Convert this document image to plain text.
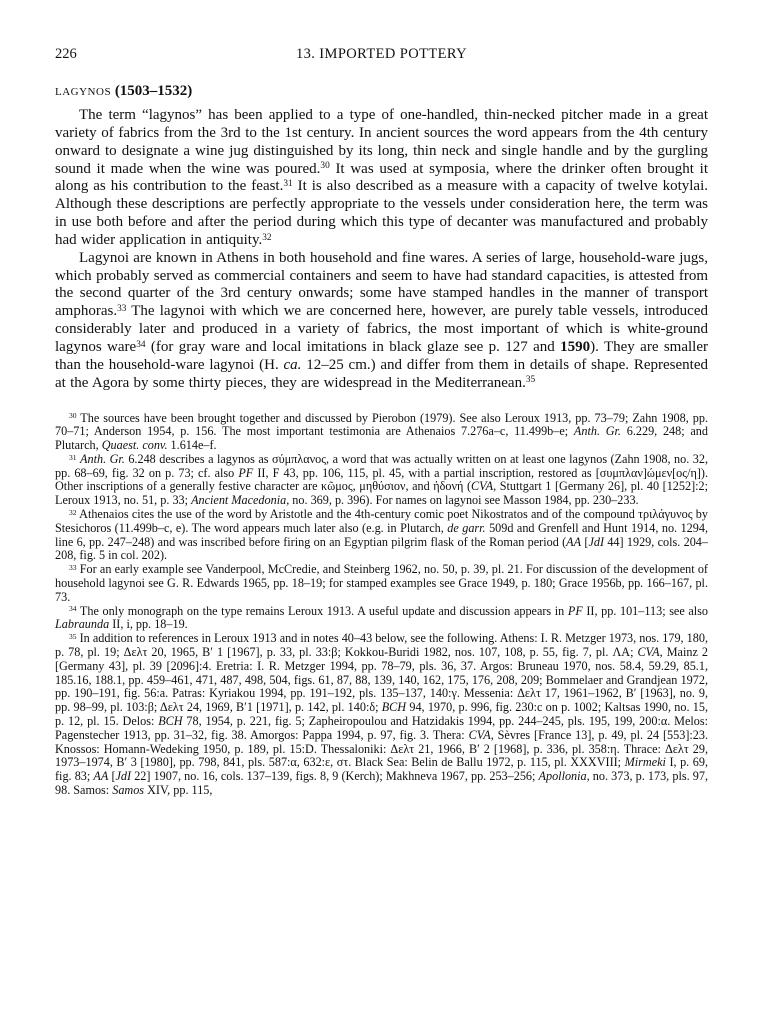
226	13. IMPORTED POTTERY
lagynos (1503–1532)

The term “lagynos” has been applied to a type of one-handled, thin-necked pitcher made in a great variety of fabrics from the 3rd to the 1st century. In ancient sources the word appears from the 4th century onward to designate a wine jug distinguished by its long, thin neck and single handle and by the gurgling sound it made when the wine was poured.$^{30}$ It was used at symposia, where the drinker often brought it along as his contribution to the feast.$^{31}$ It is also described as a measure with a capacity of twelve kotylai. Although these descriptions are perfectly appropriate to the vessels under consideration here, the term was in use both before and after the period during which this type of decanter was manufactured and probably had wider application in antiquity.$^{32}$

Lagynoi are known in Athens in both household and fine wares. A series of large, household-ware jugs, which probably served as commercial containers and seem to have had standard capacities, is attested from the second quarter of the 3rd century onwards; some have stamped handles in the manner of transport amphoras.$^{33}$ The lagynoi with which we are concerned here, however, are purely table vessels, introduced considerably later and produced in a variety of fabrics, the most important of which is white-ground lagynos ware$^{34}$ (for gray ware and local imitations in black glaze see p. 127 and 1590). They are smaller than the household-ware lagynoi (H. ca. 12–25 cm.) and differ from them in details of shape. Represented at the Agora by some thirty pieces, they are widespread in the Mediterranean.$^{35}$

$^{30}$ The sources have been brought together and discussed by Pierobon (1979). See also Leroux 1913, pp. 73–79; Zahn 1908, pp. 70–71; Anderson 1954, p. 156. The most important testimonia are Athenaios 7.276a–c, 11.499b–e; Anth. Gr. 6.229, 248; and Plutarch, Quaest. conv. 1.614e–f.

$^{31}$ Anth. Gr. 6.248 describes a lagynos as σύμπλανος, a word that was actually written on at least one lagynos (Zahn 1908, no. 32, pp. 68–69, fig. 32 on p. 73; cf. also PF II, F 43, pp. 106, 115, pl. 45, with a partial inscription, restored as [συμπλαν]ώμεν[ος/η]). Other inscriptions of a generally festive character are κῶμος, μηθύσιον, and ἡδονή (CVA, Stuttgart 1 [Germany 26], pl. 40 [1252]:2; Leroux 1913, no. 51, p. 33; Ancient Macedonia, no. 369, p. 396). For names on lagynoi see Masson 1984, pp. 230–233.

$^{32}$ Athenaios cites the use of the word by Aristotle and the 4th-century comic poet Nikostratos and of the compound τριλάγυνος by Stesichoros (11.499b–c, e). The word appears much later also (e.g. in Plutarch, de garr. 509d and Grenfell and Hunt 1914, no. 1294, line 6, pp. 247–248) and was inscribed before firing on an Egyptian pilgrim flask of the Roman period (AA [JdI 44] 1929, cols. 204–208, fig. 5 in col. 202).

$^{33}$ For an early example see Vanderpool, McCredie, and Steinberg 1962, no. 50, p. 39, pl. 21. For discussion of the development of household lagynoi see G. R. Edwards 1965, pp. 18–19; for stamped examples see Grace 1949, p. 180; Grace 1956b, pp. 166–167, pl. 73.

$^{34}$ The only monograph on the type remains Leroux 1913. A useful update and discussion appears in PF II, pp. 101–113; see also Labraunda II, i, pp. 18–19.

$^{35}$ In addition to references in Leroux 1913 and in notes 40–43 below, see the following. Athens: I. R. Metzger 1973, nos. 179, 180, p. 78, pl. 19; Δελτ 20, 1965, B′ 1 [1967], p. 33, pl. 33:β; Kokkou-Buridi 1982, nos. 107, 108, p. 55, fig. 7, pl. ΛΑ; CVA, Mainz 2 [Germany 43], pl. 39 [2096]:4. Eretria: I. R. Metzger 1994, pp. 78–79, pls. 36, 37. Argos: Bruneau 1970, nos. 58.4, 59.29, 85.1, 185.16, 188.1, pp. 459–461, 471, 487, 498, 504, figs. 61, 87, 88, 139, 140, 162, 175, 176, 208, 209; Bommelaer and Grandjean 1972, pp. 190–191, fig. 56:a. Patras: Kyriakou 1994, pp. 191–192, pls. 135–137, 140:γ. Messenia: Δελτ 17, 1961–1962, B′ [1963], no. 9, pp. 98–99, pl. 103:β; Δελτ 24, 1969, B′1 [1971], p. 142, pl. 140:δ; BCH 94, 1970, p. 996, fig. 230:c on p. 1002; Kaltsas 1990, no. 15, p. 12, pl. 15. Delos: BCH 78, 1954, p. 221, fig. 5; Zapheiropoulou and Hatzidakis 1994, pp. 244–245, pls. 195, 199, 200:α. Melos: Pagenstecher 1913, pp. 31–32, fig. 38. Amorgos: Pappa 1994, p. 97, fig. 3. Thera: CVA, Sèvres [France 13], p. 49, pl. 24 [553]:23. Knossos: Homann-Wedeking 1950, p. 189, pl. 15:D. Thessaloniki: Δελτ 21, 1966, B′ 2 [1968], p. 336, pl. 358:η. Thrace: Δελτ 29, 1973–1974, B′ 3 [1980], pp. 798, 841, pls. 587:α, 632:ε, στ. Black Sea: Belin de Ballu 1972, p. 115, pl. XXXVIII; Mirmeki I, p. 69, fig. 83; AA [JdI 22] 1907, no. 16, cols. 137–139, figs. 8, 9 (Kerch); Makhneva 1967, pp. 253–256; Apollonia, no. 373, p. 173, pls. 97, 98. Samos: Samos XIV, pp. 115,
